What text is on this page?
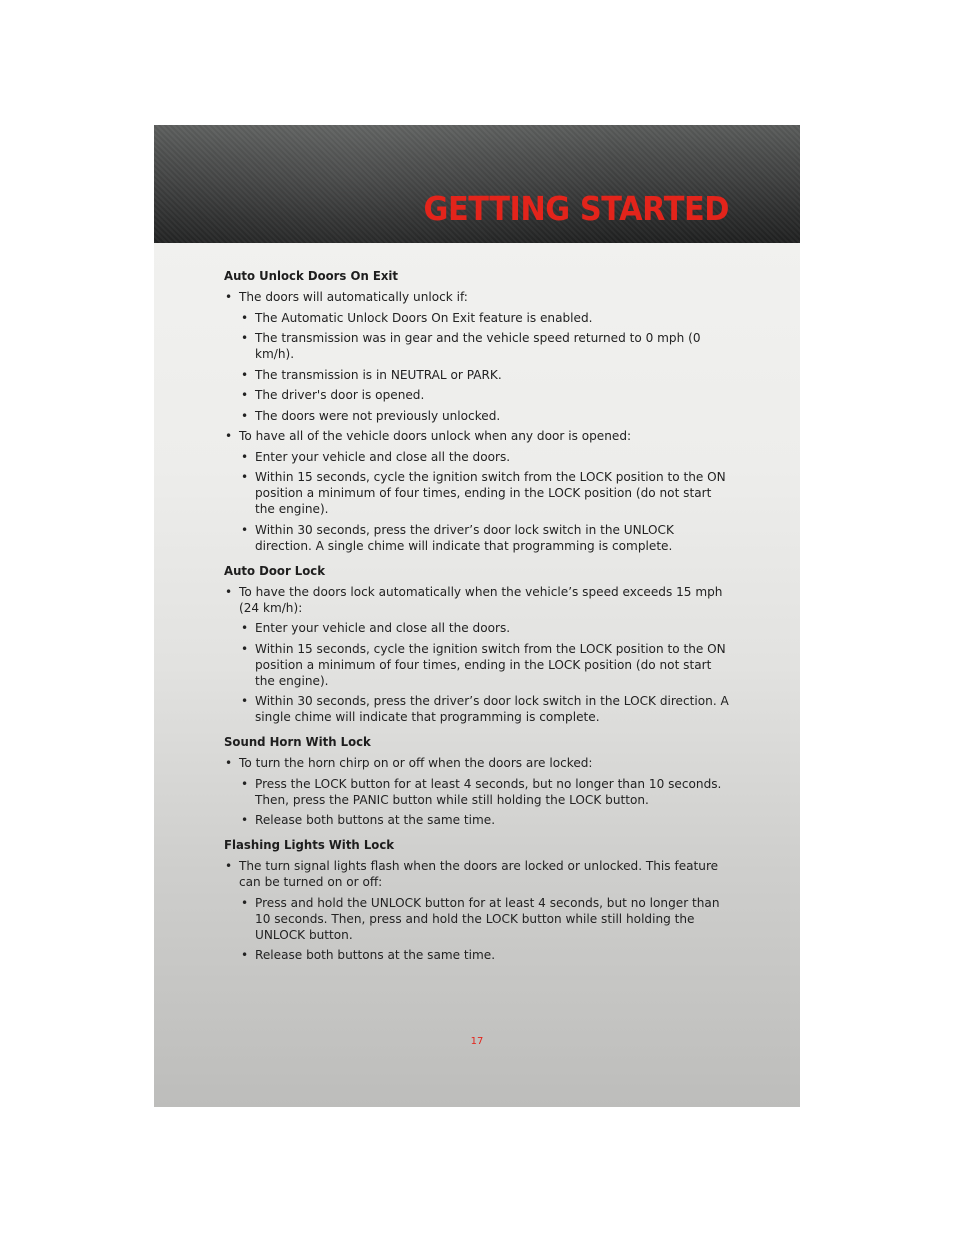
GETTING STARTED
Auto Unlock Doors On Exit
• The doors will automatically unlock if:
• The Automatic Unlock Doors On Exit feature is enabled.
• The transmission was in gear and the vehicle speed returned to 0 mph (0 km/h).
• The transmission is in NEUTRAL or PARK.
• The driver's door is opened.
• The doors were not previously unlocked.
• To have all of the vehicle doors unlock when any door is opened:
• Enter your vehicle and close all the doors.
• Within 15 seconds, cycle the ignition switch from the LOCK position to the ON position a minimum of four times, ending in the LOCK position (do not start the engine).
• Within 30 seconds, press the driver’s door lock switch in the UNLOCK direction. A single chime will indicate that programming is complete.
Auto Door Lock
• To have the doors lock automatically when the vehicle’s speed exceeds 15 mph (24 km/h):
• Enter your vehicle and close all the doors.
• Within 15 seconds, cycle the ignition switch from the LOCK position to the ON position a minimum of four times, ending in the LOCK position (do not start the engine).
• Within 30 seconds, press the driver’s door lock switch in the LOCK direction. A single chime will indicate that programming is complete.
Sound Horn With Lock
• To turn the horn chirp on or off when the doors are locked:
• Press the LOCK button for at least 4 seconds, but no longer than 10 seconds. Then, press the PANIC button while still holding the LOCK button.
• Release both buttons at the same time.
Flashing Lights With Lock
• The turn signal lights flash when the doors are locked or unlocked. This feature can be turned on or off:
• Press and hold the UNLOCK button for at least 4 seconds, but no longer than 10 seconds. Then, press and hold the LOCK button while still holding the UNLOCK button.
• Release both buttons at the same time.
17
